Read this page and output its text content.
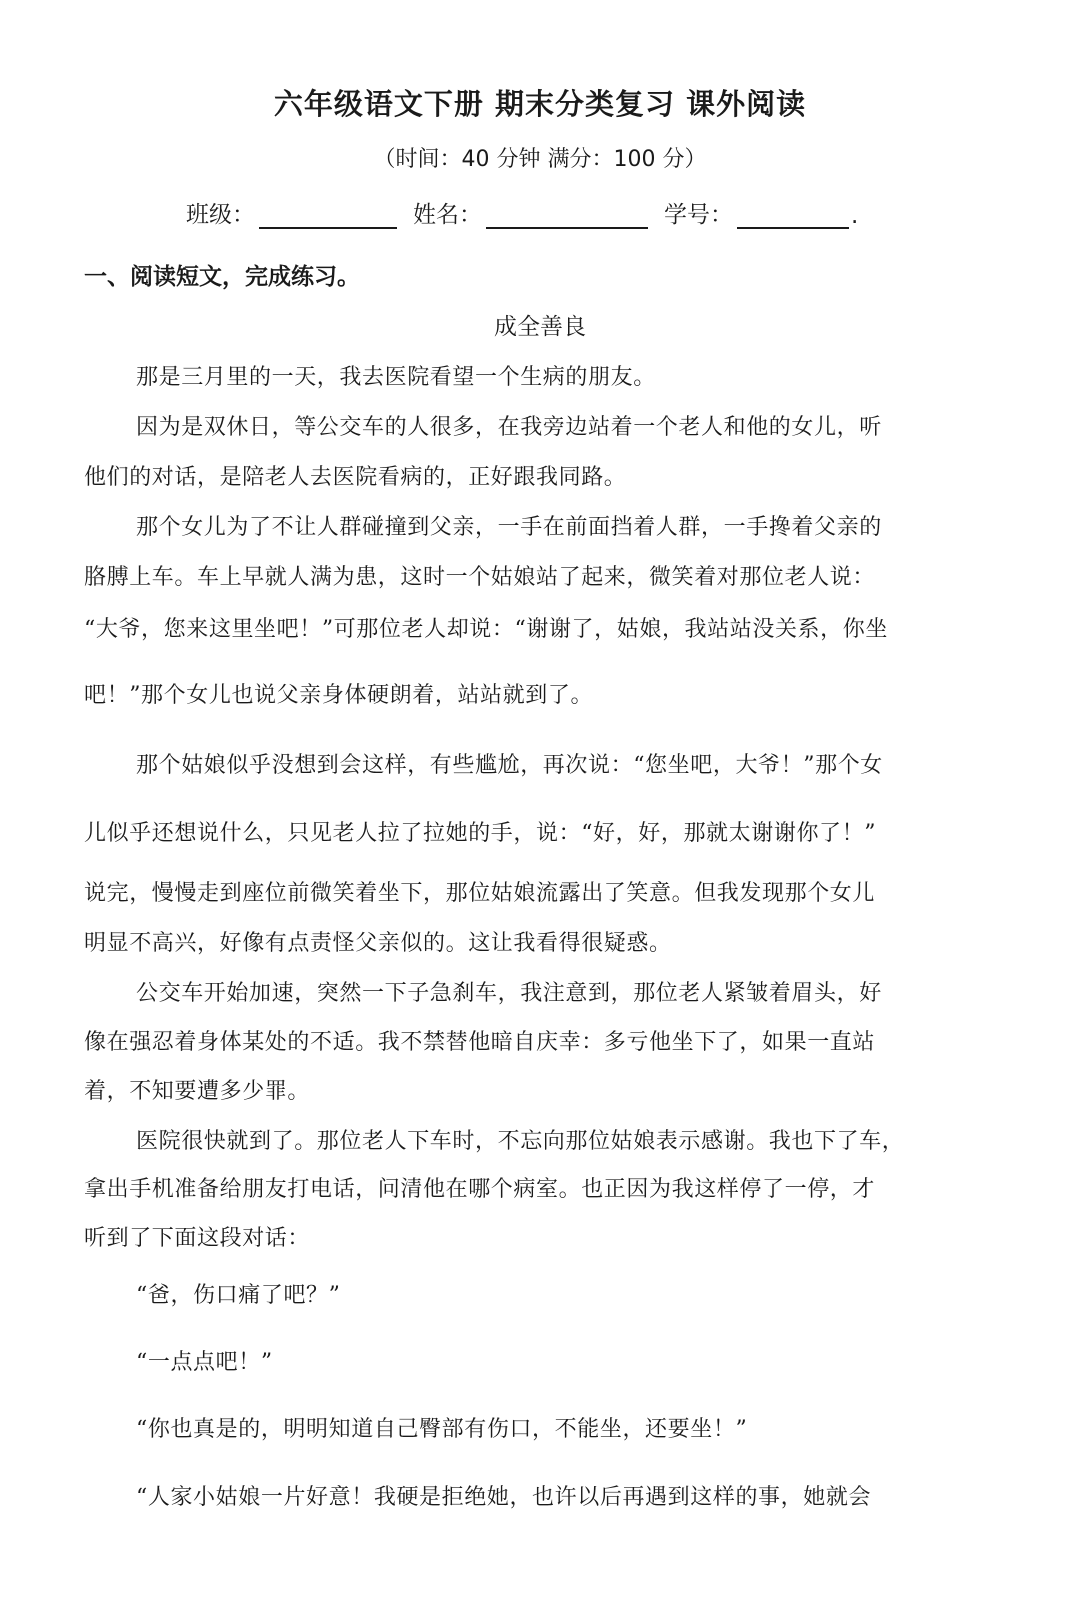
六年级语文下册 期末分类复习 课外阅读
（时间：40 分钟 满分：100 分）
班级：	姓名：	学号：	.
一、阅读短文，完成练习。
成全善良
那是三月里的一天，我去医院看望一个生病的朋友。
因为是双休日，等公交车的人很多，在我旁边站着一个老人和他的女儿，听
他们的对话，是陪老人去医院看病的，正好跟我同路。
那个女儿为了不让人群碰撞到父亲，一手在前面挡着人群，一手搀着父亲的
胳膊上车。车上早就人满为患，这时一个姑娘站了起来，微笑着对那位老人说：
“大爷，您来这里坐吧！”可那位老人却说：“谢谢了，姑娘，我站站没关系，你坐
吧！”那个女儿也说父亲身体硬朗着，站站就到了。
那个姑娘似乎没想到会这样，有些尴尬，再次说：“您坐吧，大爷！”那个女
儿似乎还想说什么，只见老人拉了拉她的手，说：“好，好，那就太谢谢你了！”
说完，慢慢走到座位前微笑着坐下，那位姑娘流露出了笑意。但我发现那个女儿
明显不高兴，好像有点责怪父亲似的。这让我看得很疑惑。
公交车开始加速，突然一下子急刹车，我注意到，那位老人紧皱着眉头，好
像在强忍着身体某处的不适。我不禁替他暗自庆幸：多亏他坐下了，如果一直站
着，不知要遭多少罪。
医院很快就到了。那位老人下车时，不忘向那位姑娘表示感谢。我也下了车，
拿出手机准备给朋友打电话，问清他在哪个病室。也正因为我这样停了一停，才
听到了下面这段对话：
“爸，伤口痛了吧？”
“一点点吧！”
“你也真是的，明明知道自己臀部有伤口，不能坐，还要坐！”
“人家小姑娘一片好意！我硬是拒绝她，也许以后再遇到这样的事，她就会
